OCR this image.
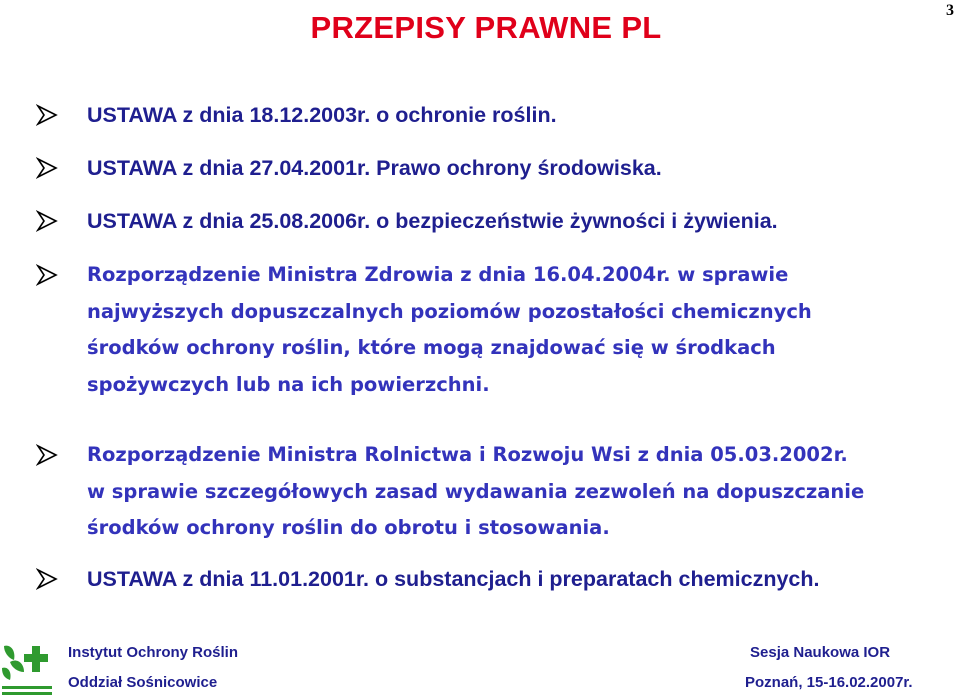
3
PRZEPISY PRAWNE PL
USTAWA z dnia 18.12.2003r. o ochronie roślin.
USTAWA z dnia 27.04.2001r. Prawo ochrony środowiska.
USTAWA z dnia 25.08.2006r. o bezpieczeństwie żywności i żywienia.
Rozporządzenie Ministra Zdrowia z dnia 16.04.2004r. w sprawie
najwyższych dopuszczalnych poziomów pozostałości chemicznych
środków ochrony roślin, które mogą znajdować się w środkach
spożywczych lub na ich powierzchni.
Rozporządzenie Ministra Rolnictwa i Rozwoju Wsi z dnia 05.03.2002r.
w sprawie szczegółowych zasad wydawania zezwoleń na dopuszczanie
środków ochrony roślin do obrotu i stosowania.
USTAWA z dnia 11.01.2001r. o substancjach i preparatach chemicznych.
Instytut Ochrony Roślin
Oddział Sośnicowice
Sesja Naukowa IOR
Poznań, 15-16.02.2007r.
